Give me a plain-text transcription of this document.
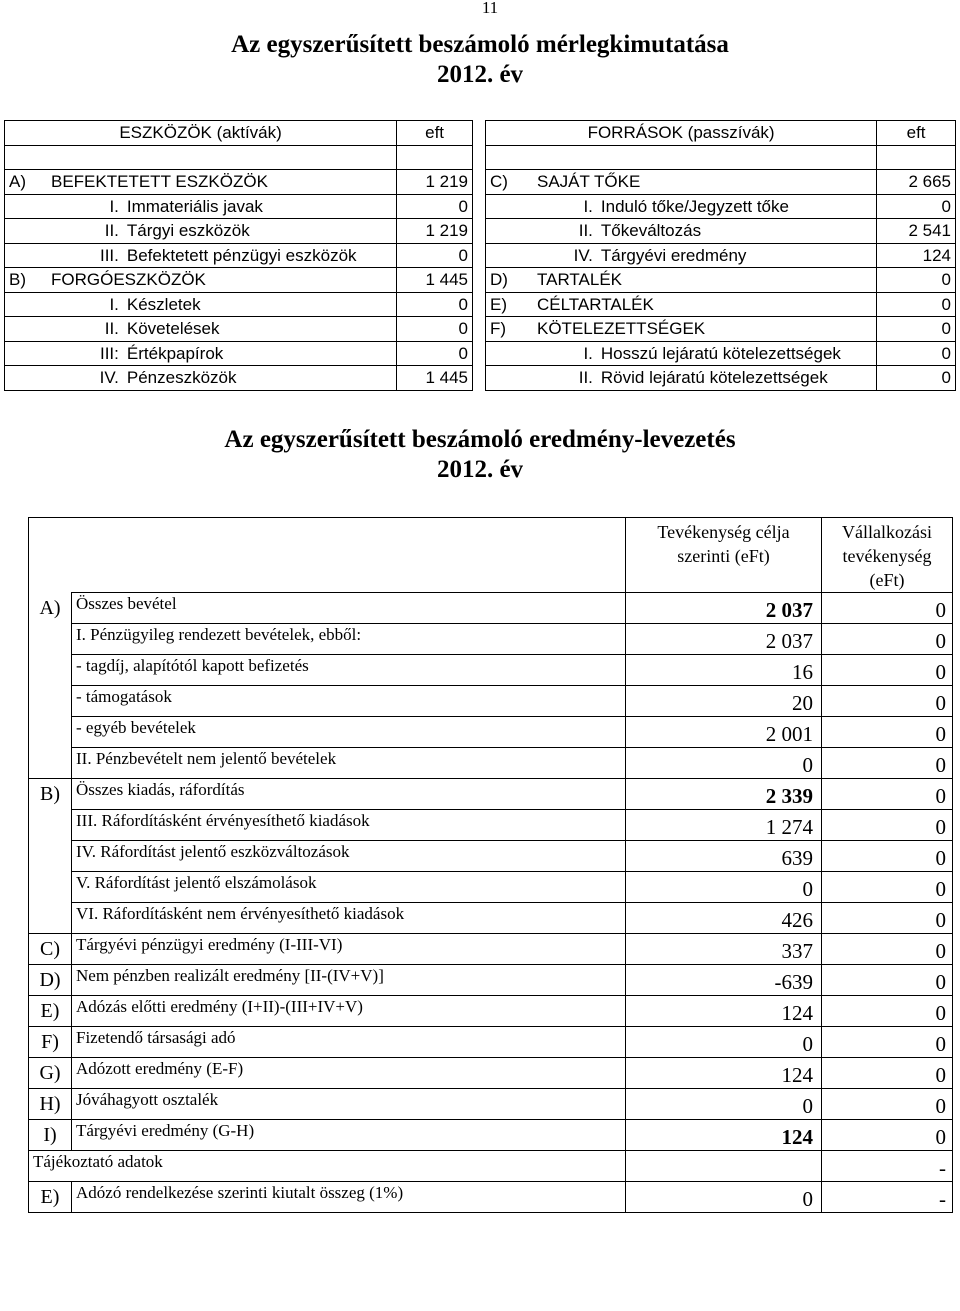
11
Az egyszerűsített beszámoló mérlegkimutatása
2012. év
ESZKÖZÖK (aktívák)		eft

A) BEFEKTETETT ESZKÖZÖK		1 219
I.	Immateriális javak	0
II.	Tárgyi eszközök	1 219
III.	Befektetett pénzügyi eszközök	0
B) FORGÓESZKÖZÖK		1 445
I.	Készletek	0
II.	Követelések	0
III:	Értékpapírok	0
IV.	Pénzeszközök	1 445
FORRÁSOK (passzívák)		eft

C) SAJÁT TŐKE		2 665
I.	Induló tőke/Jegyzett tőke	0
II.	Tőkeváltozás	2 541
IV.	Tárgyévi eredmény	124
D) TARTALÉK		0
E) CÉLTARTALÉK		0
F) KÖTELEZETTSÉGEK		0
I.	Hosszú lejáratú kötelezettségek	0
II.	Rövid lejáratú kötelezettségek	0
Az egyszerűsített beszámoló eredmény-levezetés
2012. év
		Tevékenység célja szerinti (eFt)	Vállalkozási tevékenység (eFt)
A)	Összes bevétel	2 037	0
	I. Pénzügyileg rendezett bevételek, ebből:	2 037	0
	- tagdíj, alapítótól kapott befizetés	16	0
	- támogatások	20	0
	- egyéb bevételek	2 001	0
	II. Pénzbevételt nem jelentő bevételek	0	0
B)	Összes kiadás, ráfordítás	2 339	0
	III. Ráfordításként érvényesíthető kiadások	1 274	0
	IV. Ráfordítást jelentő eszközváltozások	639	0
	V. Ráfordítást jelentő elszámolások	0	0
	VI. Ráfordításként nem érvényesíthető kiadások	426	0
C)	Tárgyévi pénzügyi eredmény (I-III-VI)	337	0
D)	Nem pénzben realizált eredmény [II-(IV+V)]	-639	0
E)	Adózás előtti eredmény (I+II)-(III+IV+V)	124	0
F)	Fizetendő társasági adó	0	0
G)	Adózott eredmény (E-F)	124	0
H)	Jóváhagyott osztalék	0	0
I)	Tárgyévi eredmény (G-H)	124	0
Tájékoztató adatok			-
E)	Adózó rendelkezése szerinti kiutalt összeg (1%)	0	-
